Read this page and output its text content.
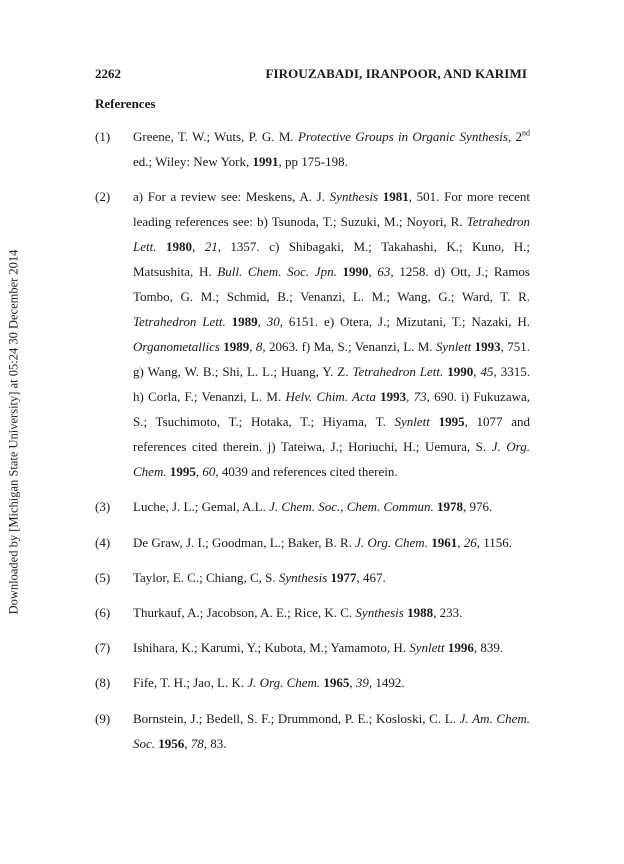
2262	FIROUZABADI, IRANPOOR, AND KARIMI
References
Downloaded by [Michigan State University] at 05:24 30 December 2014
(1)	Greene, T. W.; Wuts, P. G. M. Protective Groups in Organic Synthesis, 2nd ed.; Wiley: New York, 1991, pp 175-198.
(2)	a) For a review see: Meskens, A. J. Synthesis 1981, 501. For more recent leading references see: b) Tsunoda, T.; Suzuki, M.; Noyori, R. Tetrahedron Lett. 1980, 21, 1357. c) Shibagaki, M.; Takahashi, K.; Kuno, H.; Matsushita, H. Bull. Chem. Soc. Jpn. 1990, 63, 1258. d) Ott, J.; Ramos Tombo, G. M.; Schmid, B.; Venanzi, L. M.; Wang, G.; Ward, T. R. Tetrahedron Lett. 1989, 30, 6151. e) Otera, J.; Mizutani, T.; Nazaki, H. Organometallics 1989, 8, 2063. f) Ma, S.; Venanzi, L. M. Synlett 1993, 751. g) Wang, W. B.; Shi, L. L.; Huang, Y. Z. Tetrahedron Lett. 1990, 45, 3315. h) Corla, F.; Venanzi, L. M. Helv. Chim. Acta 1993, 73, 690. i) Fukuzawa, S.; Tsuchimoto, T.; Hotaka, T.; Hiyama, T. Synlett 1995, 1077 and references cited therein. j) Tateiwa, J.; Horiuchi, H.; Uemura, S. J. Org. Chem. 1995, 60, 4039 and references cited therein.
(3)	Luche, J. L.; Gemal, A.L. J. Chem. Soc., Chem. Commun. 1978, 976.
(4)	De Graw, J. I.; Goodman, L.; Baker, B. R. J. Org. Chem. 1961, 26, 1156.
(5)	Taylor, E. C.; Chiang, C, S. Synthesis 1977, 467.
(6)	Thurkauf, A.; Jacobson, A. E.; Rice, K. C. Synthesis 1988, 233.
(7)	Ishihara, K.; Karumi, Y.; Kubota, M.; Yamamoto, H. Synlett 1996, 839.
(8)	Fife, T. H.; Jao, L. K. J. Org. Chem. 1965, 39, 1492.
(9)	Bornstein, J.; Bedell, S. F.; Drummond, P. E.; Kosloski, C. L. J. Am. Chem. Soc. 1956, 78, 83.
